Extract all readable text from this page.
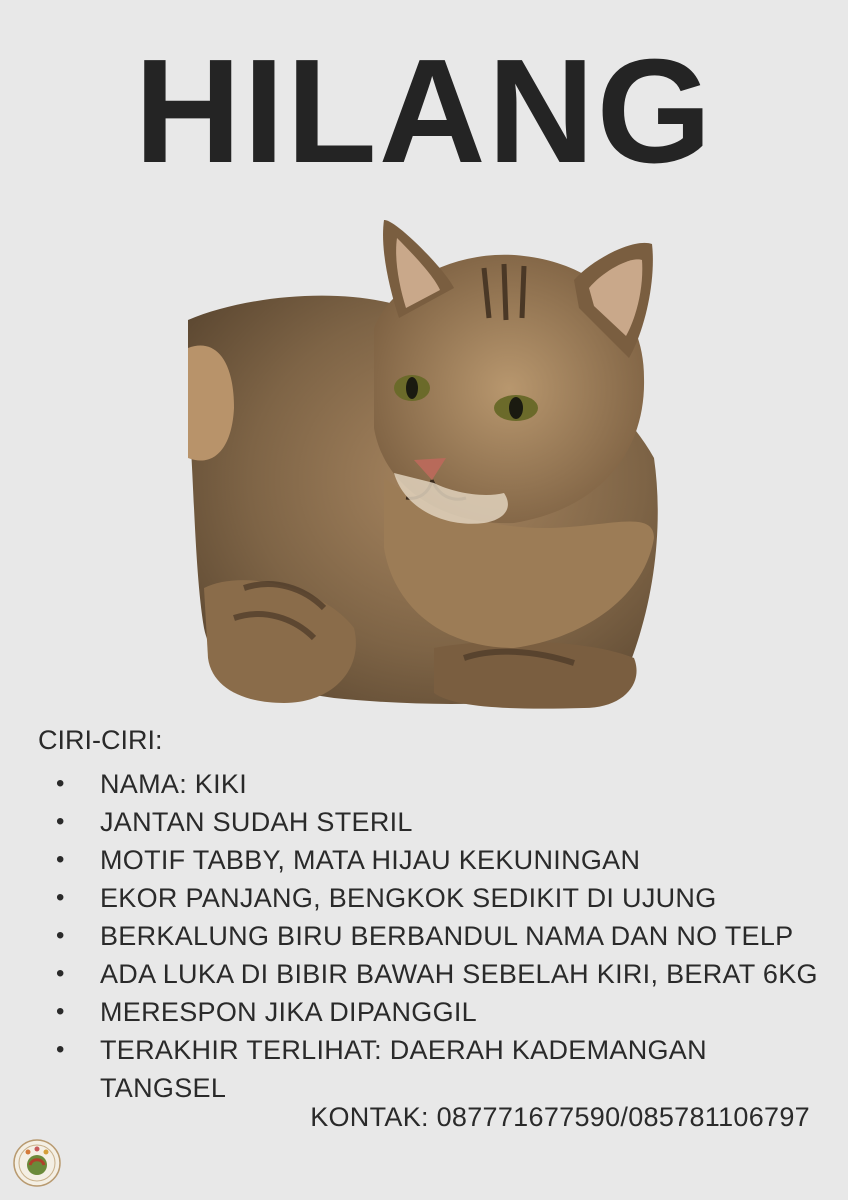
HILANG
CIRI-CIRI:
• NAMA: KIKI
• JANTAN SUDAH STERIL
• MOTIF TABBY, MATA HIJAU KEKUNINGAN
• EKOR PANJANG, BENGKOK SEDIKIT DI UJUNG
• BERKALUNG BIRU BERBANDUL NAMA DAN NO TELP
• ADA LUKA DI BIBIR BAWAH SEBELAH KIRI, BERAT 6KG
• MERESPON JIKA DIPANGGIL
• TERAKHIR TERLIHAT: DAERAH KADEMANGAN TANGSEL
KONTAK: 087771677590/085781106797
